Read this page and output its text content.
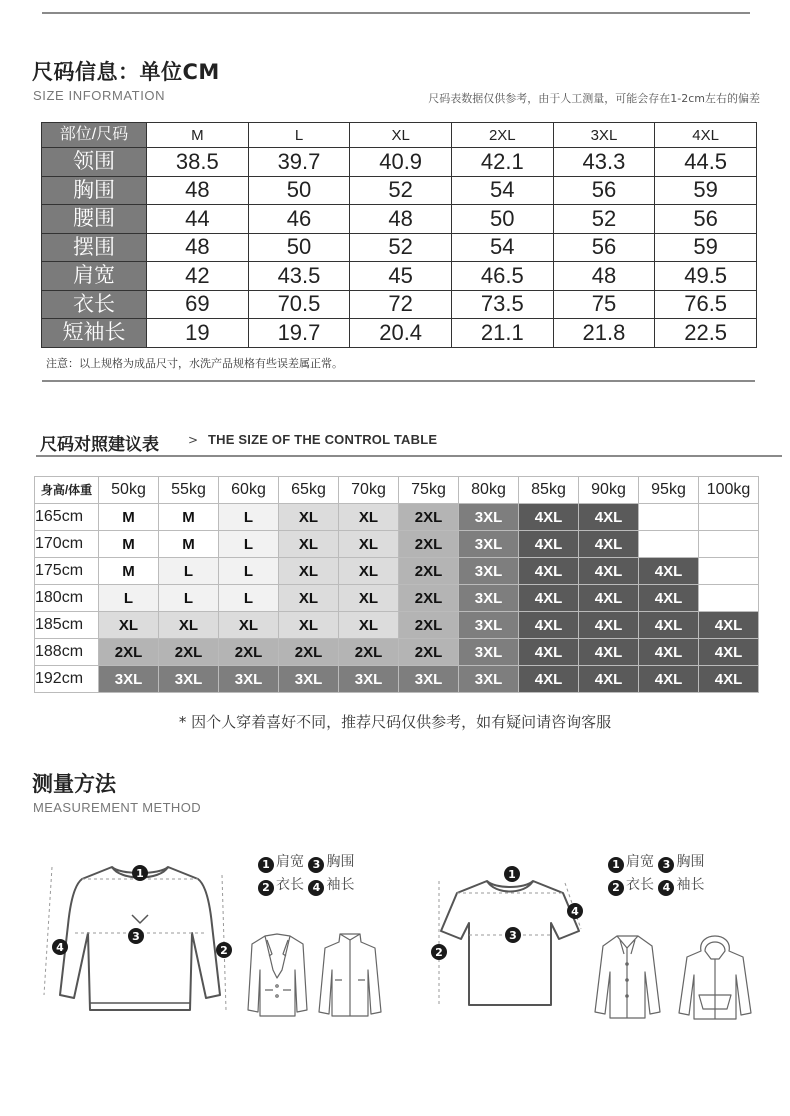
尺码信息：单位CM
SIZE INFORMATION	尺码表数据仅供参考，由于人工测量，可能会存在1-2cm左右的偏差
部位/尺码	M	L	XL	2XL	3XL	4XL
领围	38.5	39.7	40.9	42.1	43.3	44.5
胸围	48	50	52	54	56	59
腰围	44	46	48	50	52	56
摆围	48	50	52	54	56	59
肩宽	42	43.5	45	46.5	48	49.5
衣长	69	70.5	72	73.5	75	76.5
短袖长	19	19.7	20.4	21.1	21.8	22.5
注意：以上规格为成品尺寸，水洗产品规格有些误差属正常。
尺码对照建议表 > THE SIZE OF THE CONTROL TABLE
身高/体重	50kg	55kg	60kg	65kg	70kg	75kg	80kg	85kg	90kg	95kg	100kg
165cm	M	M	L	XL	XL	2XL	3XL	4XL	4XL		
170cm	M	M	L	XL	XL	2XL	3XL	4XL	4XL		
175cm	M	L	L	XL	XL	2XL	3XL	4XL	4XL	4XL	
180cm	L	L	L	XL	XL	2XL	3XL	4XL	4XL	4XL	
185cm	XL	XL	XL	XL	XL	2XL	3XL	4XL	4XL	4XL	4XL
188cm	2XL	2XL	2XL	2XL	2XL	2XL	3XL	4XL	4XL	4XL	4XL
192cm	3XL	3XL	3XL	3XL	3XL	3XL	3XL	4XL	4XL	4XL	4XL
* 因个人穿着喜好不同，推荐尺码仅供参考，如有疑问请咨询客服
测量方法
MEASUREMENT METHOD
1
3
4	2
1 肩宽 3 胸围
2 衣长 4 袖长
1
3
2
4
1 肩宽 3 胸围
2 衣长 4 袖长
